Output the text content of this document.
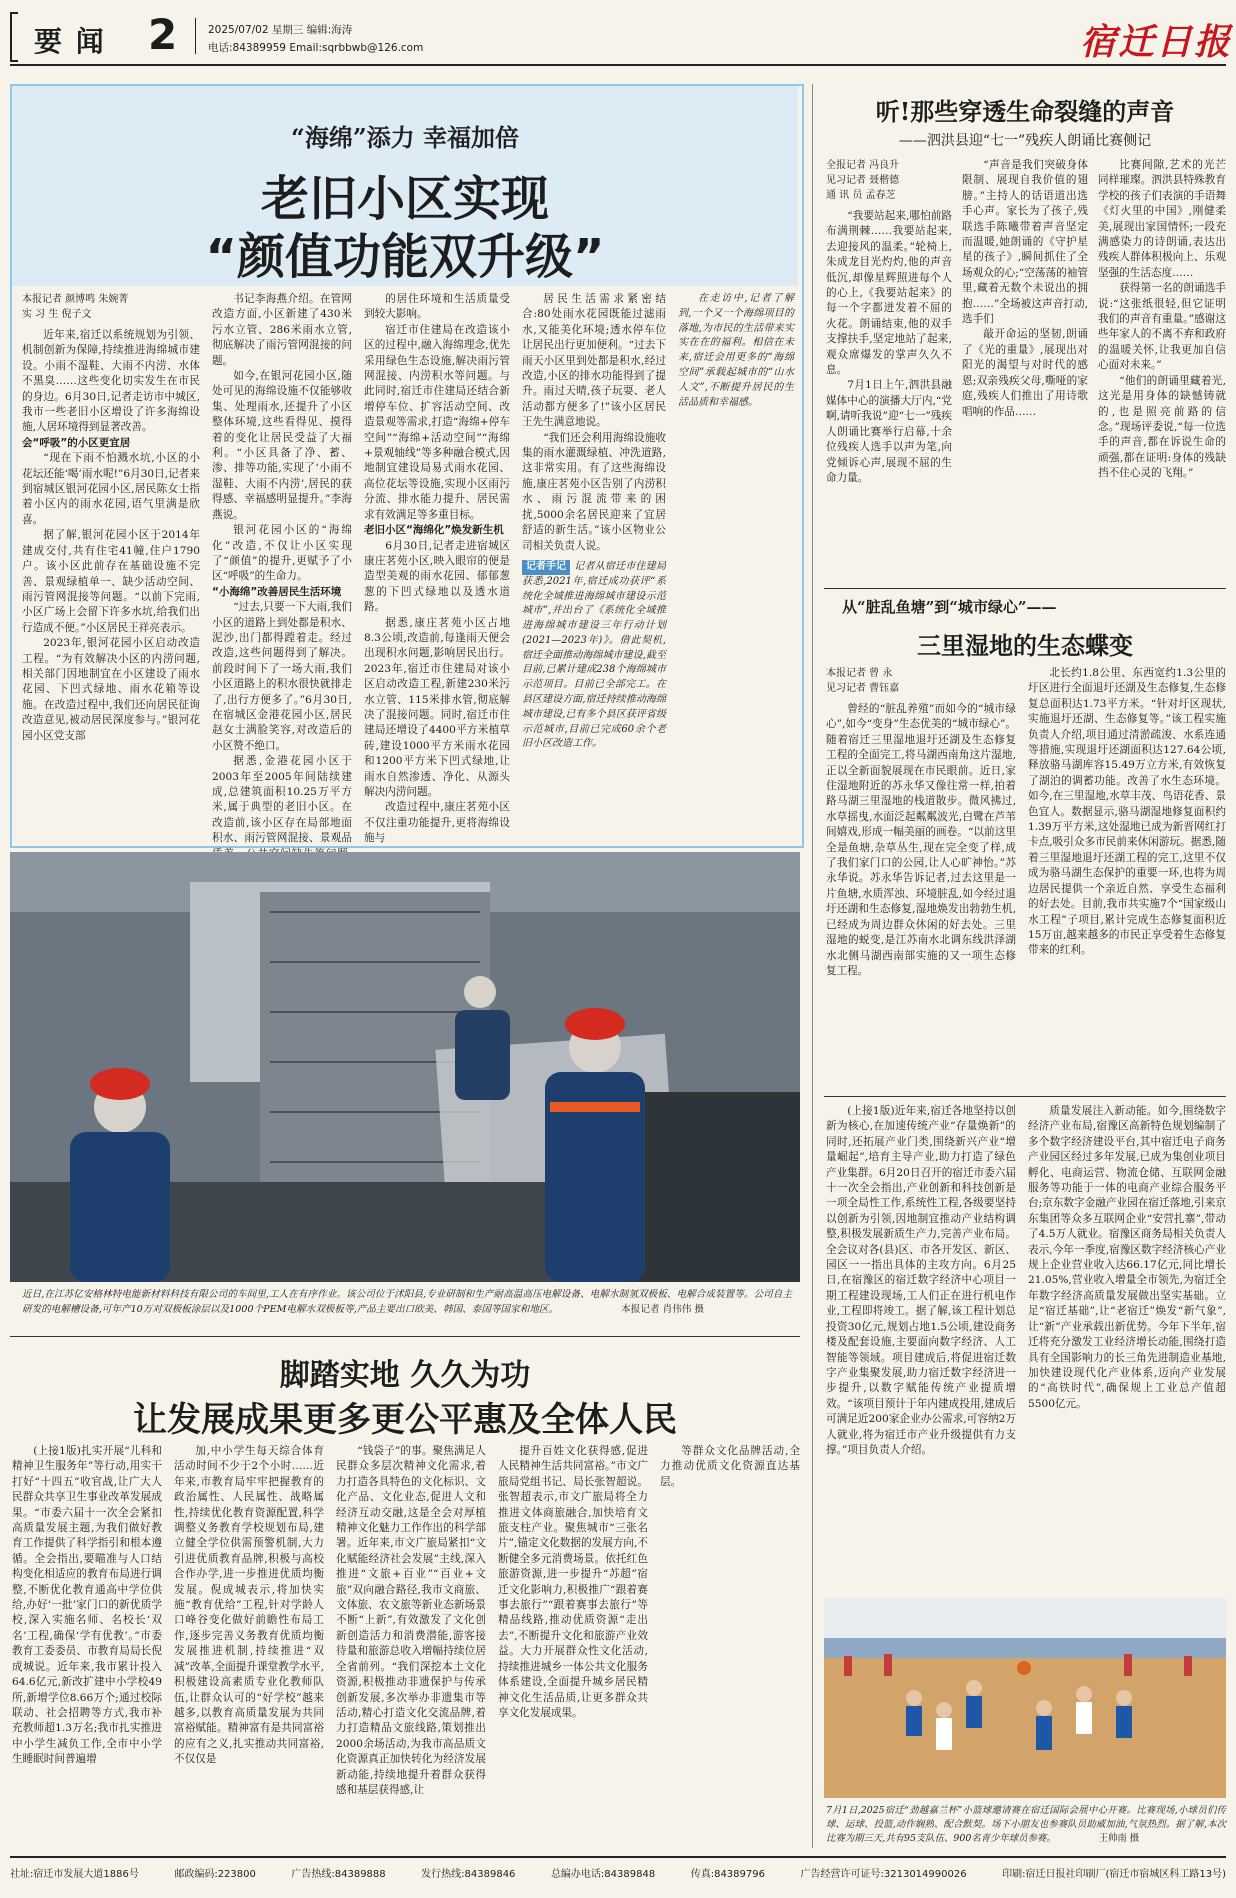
要 闻 2	2025/07/02 星期三 编辑:海涛
电话:84389959 Email:sqrbbwb@126.com	宿迁日报
“海绵”添力 幸福加倍
老旧小区实现
“颜值功能双升级”
本报记者 颜博鸣 朱婉菁
实 习 生 倪子文

近年来,宿迁以系统规划为引领、机制创新为保障,持续推进海绵城市建设。小雨不湿鞋、大雨不内涝、水体不黑臭……这些变化切实发生在市民的身边。6月30日,记者走访市中城区,我市一些老旧小区增设了许多海绵设施,人居环境得到显著改善。

会“呼吸”的小区更宜居

“现在下雨不怕溅水坑,小区的小花坛还能‘喝’雨水呢!”6月30日,记者来到宿城区银河花园小区,居民陈女士指着小区内的雨水花园,语气里满是欣喜。

据了解,银河花园小区于2014年建成交付,共有住宅41幢,住户1790户。该小区此前存在基础设施不完善、景观绿植单一、缺少活动空间、雨污管网混接等问题。“以前下完雨,小区广场上会留下许多水坑,给我们出行造成不便。”小区居民王祥亮表示。

2023年,银河花园小区启动改造工程。“为有效解决小区的内涝问题,相关部门因地制宜在小区建设了雨水花园、下凹式绿地、雨水花箱等设施。在改造过程中,我们还向居民征询改造意见,被动居民深度参与。”银河花园小区党支部

书记李海燕介绍。在管网改造方面,小区新建了430米污水立管、286米雨水立管,彻底解决了雨污管网混接的问题。

如今,在银河花园小区,随处可见的海绵设施不仅能够收集、处理雨水,还提升了小区整体环境,这些看得见、摸得着的变化让居民受益了大福利。“小区具备了净、蓄、渗、排等功能,实现了‘小雨不湿鞋、大雨不内涝’,居民的获得感、幸福感明显提升。”李海燕说。

银河花园小区的“海绵化”改造,不仅让小区实现了“颜值”的提升,更赋予了小区“呼吸”的生命力。

“小海绵”改善居民生活环境

“过去,只要一下大雨,我们小区的道路上到处都是积水、泥沙,出门都得蹚着走。经过改造,这些问题得到了解决。前段时间下了一场大雨,我们小区道路上的积水很快就排走了,出行方便多了。”6月30日,在宿城区金港花园小区,居民赵女士满脸笑容,对改造后的小区赞不绝口。

据悉,金港花园小区于2003年至2005年间陆续建成,总建筑面积10.25万平方米,属于典型的老旧小区。在改造前,该小区存在局部地面积水、雨污管网混接、景观品

的居住环境和生活质量受到较大影响。

宿迁市住建局在改造该小区的过程中,融入海绵理念,优先采用绿色生态设施,解决雨污管网混接、内涝积水等问题。与此同时,宿迁市住建局还结合新增停车位、扩容活动空间、改造景观等需求,打造“海绵+停车空间”“海绵+活动空间”“海绵+景观轴线”等多种融合模式,因地制宜建设局易式雨水花园、高位花坛等设施,实现小区雨污分流、排水能力提升、居民需求有效满足等多重目标。

老旧小区“海绵化”焕发新生机

6月30日,记者走进宿城区康庄茗苑小区,映入眼帘的便是造型美观的雨水花园、郁郁葱葱的下凹式绿地以及透水道路。

据悉,康庄茗苑小区占地8.3公顷,改造前,每逢雨天便会出现积水问题,影响居民出行。2023年,宿迁市住建局对该小区启动改造工程,新建230米污水立管、115米排水管,彻底解决了混接问题。同时,宿迁市住建局还增设了4400平方米植草砖,建设1000平方米雨水花园和1200平方米下凹式绿地,让雨水自然渗透、净化、从源头解决内涝问题。

改造过程中,康庄茗苑小区不仅注重功能提升,更将海绵设施与

居民生活需求紧密结合:80处雨水花园既能过滤雨水,又能美化环境;透水停车位让居民出行更加便利。“过去下雨天小区里到处都是积水,经过改造,小区的排水功能得到了提升。雨过天晴,孩子玩耍、老人活动都方便多了!”该小区居民王先生满意地说。

“我们还会利用海绵设施收集的雨水灌溉绿植、冲洗道路,这非常实用。有了这些海绵设施,康庄茗苑小区告别了内涝积水、雨污混流带来的困扰,5000余名居民迎来了宜居舒适的新生活。”该小区物业公司相关负责人说。

记者手记 记者从宿迁市住建局获悉,2021年,宿迁成功获评“系统化全域推进海绵城市建设示范城市”,并出台了《系统化全域推进海绵城市建设三年行动计划(2021—2023年)》。借此契机,宿迁全面推动海绵城市建设,截至目前,已累计建成238个海绵城市示范项目。目前已全部完工。在县区建设方面,宿迁持续推动海绵城市建设,已有多个县区获评省级示范城市,目前已完成60余个老旧小区改造工作。

在走访中,记者了解到,一个又一个海绵项目的落地,为市民的生活带来实实在在的福利。相信在未来,宿迁会用更多的“海绵空间”承载起城市的“山水人文”,不断提升居民的生活品质和幸福感。

近日,在江苏亿安格林特电能新材料科技有限公司的车间里,工人在有序作业。该公司位于沭阳县,专业研制和生产耐高温高压电解设备、电解水制氢双极板、电解合成装置等。公司自主研发的电解槽设备,可年产10万对双极板涂层以及1000个PEM电解水双极板等,产品主要出口欧美、韩国、泰国等国家和地区。	本报记者 肖伟伟 摄
脚踏实地 久久为功
让发展成果更多更公平惠及全体人民

(上接1版)扎实开展“儿科和精神卫生服务年”等行动,用实干打好“十四五”收官战,让广大人民群众共享卫生事业改革发展成果。“市委六届十一次全会紧扣高质量发展主题,为我们做好教育工作提供了科学指引和根本遵循。全会指出,要瞄准与人口结构变化相适应的教育布局进行调整,不断优化教育通高中学位供给,办好‘一批’家门口的新优质学校,深入实施名师、名校长‘双名’工程,确保‘学有优教’。”市委教育工委委员、市教育局局长倪成城说。近年来,我市累计投入64.6亿元,新改扩建中小学校49所,新增学位8.66万个;通过校际联动、社会招聘等方式,我市补充教师超1.3万名;我市扎实推进中小学生减负工作,全市中小学生睡眠时间普遍增

加,中小学生每天综合体育活动时间不少于2个小时……近年来,市教育局牢牢把握教育的政治属性、人民属性、战略属性,持续优化教育资源配置,科学调整义务教育学校规划布局,建立健全学位供需预警机制,大力引进优质教育品牌,积极与高校合作办学,进一步推进优质均衡发展。倪成城表示,将加快实施“教育优给”工程,针对学龄人口峰谷变化做好前瞻性布局工作,逐步完善义务教育优质均衡发展推进机制,持续推进“双减”改革,全面提升课堂教学水平,积极建设高素质专业化教师队伍,让群众认可的“好学校”越来越多,以教育高质量发展为共同富裕赋能。精神富有是共同富裕的应有之义,扎实推动共同富裕,不仅仅是

“钱袋子”的事。聚焦满足人民群众多层次精神文化需求,着力打造各具特色的文化标识、文化产品、文化业态,促进人文和经济互动交融,这是全会对厚植精神文化魅力工作作出的科学部署。近年来,市文广旅局紧扣“文化赋能经济社会发展”主线,深入推进“文旅+百业”“百业+文旅”双向融合路径,我市文商旅、文体旅、农文旅等新业态新场景不断“上新”,有效激发了文化创新创造活力和消费潜能,游客接待量和旅游总收入增幅持续位居全省前列。“我们深挖本土文化资源,积极推动非遗保护与传承创新发展,多次举办非遗集市等活动,精心打造文化交流品牌,着力打造精品文旅线路,策划推出2000余场活动,为我市高品质文化资源真正加快转化为经济发展新动能,持续地提升着群众获得感和基层获得感,让

提升百姓文化获得感,促进人民精神生活共同富裕。”市文广旅局党组书记、局长张智超说。张智超表示,市文广旅局将全力推进文体商旅融合,加快培育文旅支柱产业。聚焦城市“三张名片”,锚定文化数据的发展方向,不断健全多元消费场景。依托红色旅游资源,进一步提升“苏超”宿迁文化影响力,积极推广“跟着赛事去旅行”“跟着赛事去旅行”等精品线路,推动优质资源“走出去”,不断提升文化和旅游产业效益。大力开展群众性文化活动,持续推进城乡一体公共文化服务体系建设,全面提升城乡居民精神文化生活品质,让更多群众共享文化发展成果。

等群众文化品牌活动,全力推动优质文化资源直达基层。

听!那些穿透生命裂缝的声音
——泗洪县迎“七一”残疾人朗诵比赛侧记
全报记者 冯良升
见习记者 聂楷德
通 讯 员 孟春芝

“我要站起来,哪怕前路布满荆棘……我要站起来,去迎接风的温柔。”轮椅上,朱成龙目光灼灼,他的声音低沉,却像星辉照进每个人的心上,《我要站起来》的每一个字都迸发着不屈的火花。朗诵结束,他的双手支撑扶手,坚定地站了起来,观众席爆发的掌声久久不息。

7月1日上午,泗洪县融媒体中心的演播大厅内,“党啊,请听我说”迎“七一”残疾人朗诵比赛举行启幕,十余位残疾人选手以声为笔,向党倾诉心声,展现不屈的生命力量。

“声音是我们突破身体限制、展现自我价值的翅膀。”主持人的话语道出选手心声。家长为了孩子,残联选手陈曦带着声音坚定而温暖,她朗诵的《守护星星的孩子》,瞬间抓住了全场观众的心;“空荡荡的袖管里,藏着无数个未说出的拥抱……”全场被这声音打动,选手们

敲开命运的坚韧,朗诵了《光的重量》,展现出对阳光的渴望与对时代的感恩;双亲残疾父母,嘶哑的家庭,残疾人们推出了用诗歌唱响的作品……

比赛间隙,艺术的光芒同样璀璨。泗洪县特殊教育学校的孩子们表演的手语舞《灯火里的中国》,刚健柔美,展现出家国情怀;一段充满感染力的诗朗诵,表达出残疾人群体积极向上、乐观坚强的生活态度……

获得第一名的朗诵选手说:“这张纸很轻,但它证明我们的声音有重量。”感谢这些年家人的不离不弃和政府的温暖关怀,让我更加自信心面对未来。”

“他们的朗诵里藏着光,这光是用身体的缺憾铸就的,也是照亮前路的信念。”现场评委说,“每一位选手的声音,都在诉说生命的顽强,都在证明:身体的残缺挡不住心灵的飞翔。”

从“脏乱鱼塘”到“城市绿心”——
三里湿地的生态蝶变
本报记者 曾 永
见习记者 曹钰嘉

曾经的“脏乱养殖”而如今的“城市绿心”,如今“变身”生态优美的“城市绿心”。随着宿迁三里湿地退圩还湖及生态修复工程的全面完工,将马湖西南角这片湿地,正以全新面貌展现在市民眼前。近日,家住湿地附近的苏永华又像往常一样,拍着路马湖三里湿地的栈道散步。微风拂过,水草摇曳,水面泛起粼粼波光,白鹭在芦苇间嬉戏,形成一幅美丽的画卷。“以前这里全是鱼塘,杂草丛生,现在完全变了样,成了我们家门口的公园,让人心旷神怡。”苏永华说。苏永华告诉记者,过去这里是一片鱼塘,水质浑浊、环境脏乱,如今经过退圩还湖和生态修复,湿地焕发出勃勃生机,已经成为周边群众休闲的好去处。三里湿地的蜕变,是江苏南水北调东线洪泽湖水北侧马湖西南部实施的又一项生态修复工程。

北长约1.8公里、东西宽约1.3公里的圩区进行全面退圩还湖及生态修复,生态修复总面积达1.73平方米。“针对圩区现状,实施退圩还湖、生态修复等。”该工程实施负责人介绍,项目通过清淤疏浚、水系连通等措施,实现退圩还湖面积达127.64公顷,释放骆马湖库容15.49万立方米,有效恢复了湖泊的调蓄功能。改善了水生态环境。如今,在三里湿地,水草丰茂、鸟语花香、景色宜人。数据显示,骆马湖湿地修复面积约1.39万平方米,这处湿地已成为新晋网红打卡点,吸引众多市民前来休闲游玩。据悉,随着三里湿地退圩还湖工程的完工,这里不仅成为骆马湖生态保护的重要一环,也将为周边居民提供一个亲近自然、享受生态福利的好去处。目前,我市共实施7个“国家级山水工程”子项目,累计完成生态修复面积近15万亩,越来越多的市民正享受着生态修复带来的红利。

(上接1版)近年来,宿迁各地坚持以创新为核心,在加速传统产业“存量焕新”的同时,还拓展产业门类,围绕新兴产业“增量崛起”,培育主导产业,助力打造了绿色产业集群。6月20日召开的宿迁市委六届十一次全会指出,产业创新和科技创新是一项全局性工作,系统性工程,各级要坚持以创新为引领,因地制宜推动产业结构调整,积极发展新质生产力,完善产业布局。全会议对各(县)区、市各开发区、新区、园区一一指出具体的主攻方向。6月25日,在宿豫区的宿迁数字经济中心项目一期工程建设现场,工人们正在进行机电作业,工程即将竣工。据了解,该工程计划总投资30亿元,规划占地1.5公顷,建设商务楼及配套设施,主要面向数字经济、人工智能等领域。项目建成后,将促进宿迁数字产业集聚发展,助力宿迁数字经济进一步提升,以数字赋能传统产业提质增效。“该项目预计于年内建成投用,建成后可满足近200家企业办公需求,可容纳2万人就业,将为宿迁市产业升级提供有力支撑。”项目负责人介绍。

质量发展注入新动能。如今,围绕数字经济产业布局,宿豫区高新特色规划编制了多个数字经济建设平台,其中宿迁电子商务产业园区经过多年发展,已成为集创业项目孵化、电商运营、物流仓储、互联网金融服务等功能于一体的电商产业综合服务平台;京东数字金融产业园在宿迁落地,引来京东集团等众多互联网企业“安营扎寨”,带动了4.5万人就业。宿豫区商务局相关负责人表示,今年一季度,宿豫区数字经济核心产业规上企业营业收入达66.17亿元,同比增长21.05%,营业收入增量全市领先,为宿迁全年数字经济高质量发展做出坚实基础。立足“宿迁基础”,让“老宿迁”焕发“新气象”,让“新”产业承载出新优势。今年下半年,宿迁将充分激发工业经济增长动能,围绕打造具有全国影响力的长三角先进制造业基地,加快建设现代化产业体系,迈向产业发展的“高铁时代”,确保规上工业总产值超5500亿元。

7月1日,2025宿迁“劲越嘉兰杯”小篮球邀请赛在宿迁国际会展中心开赛。比赛现场,小球员们传球、运球、投篮,动作娴熟、配合默契。场下小朋友也参赛队员助威加油,气氛热烈。据了解,本次比赛为期三天,共有95支队伍、900名青少年球员参赛。	王帅南 摄
社址:宿迁市发展大道1886号	邮政编码:223800	广告热线:84389888	发行热线:84389846	总编办电话:84389848	传真:84389796	广告经营许可证号:3213014990026	印刷:宿迁日报社印刷厂(宿迁市宿城区科工路13号)
